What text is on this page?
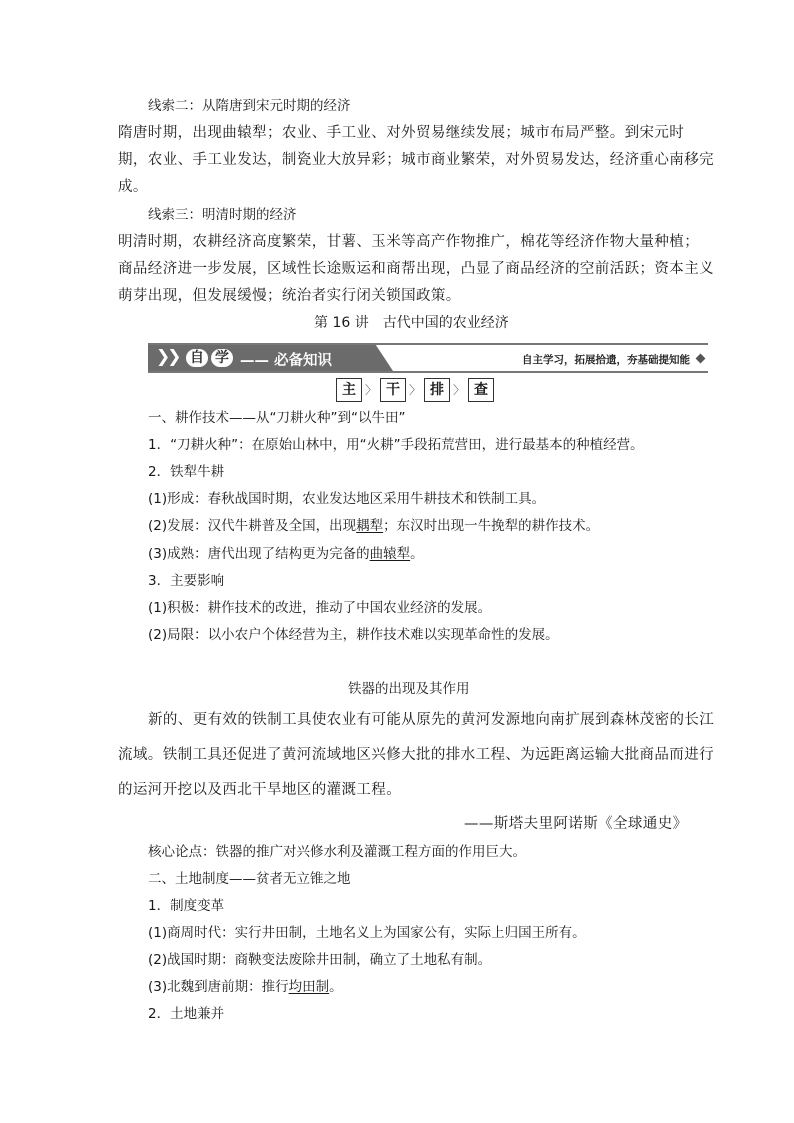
线索二：从隋唐到宋元时期的经济
隋唐时期，出现曲辕犁；农业、手工业、对外贸易继续发展；城市布局严整。到宋元时
期，农业、手工业发达，制瓷业大放异彩；城市商业繁荣，对外贸易发达，经济重心南移完
成。
线索三：明清时期的经济
明清时期，农耕经济高度繁荣，甘薯、玉米等高产作物推广，棉花等经济作物大量种植；
商品经济进一步发展，区域性长途贩运和商帮出现，凸显了商品经济的空前活跃；资本主义
萌芽出现，但发展缓慢；统治者实行闭关锁国政策。
第 16 讲　古代中国的农业经济
❯❯ 自 学 —— 必备知识	自主学习，拓展拾遗，夯基础提知能
主 〉 干 〉 排 〉 查
一、耕作技术——从“刀耕火种”到“以牛田”
1．“刀耕火种”：在原始山林中，用“火耕”手段拓荒营田，进行最基本的种植经营。
2．铁犁牛耕
(1)形成：春秋战国时期，农业发达地区采用牛耕技术和铁制工具。
(2)发展：汉代牛耕普及全国，出现耦犁；东汉时出现一牛挽犁的耕作技术。
(3)成熟：唐代出现了结构更为完备的曲辕犁。
3．主要影响
(1)积极：耕作技术的改进，推动了中国农业经济的发展。
(2)局限：以小农户个体经营为主，耕作技术难以实现革命性的发展。
铁器的出现及其作用
新的、更有效的铁制工具使农业有可能从原先的黄河发源地向南扩展到森林茂密的长江
流域。铁制工具还促进了黄河流域地区兴修大批的排水工程、为远距离运输大批商品而进行
的运河开挖以及西北干旱地区的灌溉工程。
——斯塔夫里阿诺斯《全球通史》
核心论点：铁器的推广对兴修水利及灌溉工程方面的作用巨大。
二、土地制度——贫者无立锥之地
1．制度变革
(1)商周时代：实行井田制，土地名义上为国家公有，实际上归国王所有。
(2)战国时期：商鞅变法废除井田制，确立了土地私有制。
(3)北魏到唐前期：推行均田制。
2．土地兼并
